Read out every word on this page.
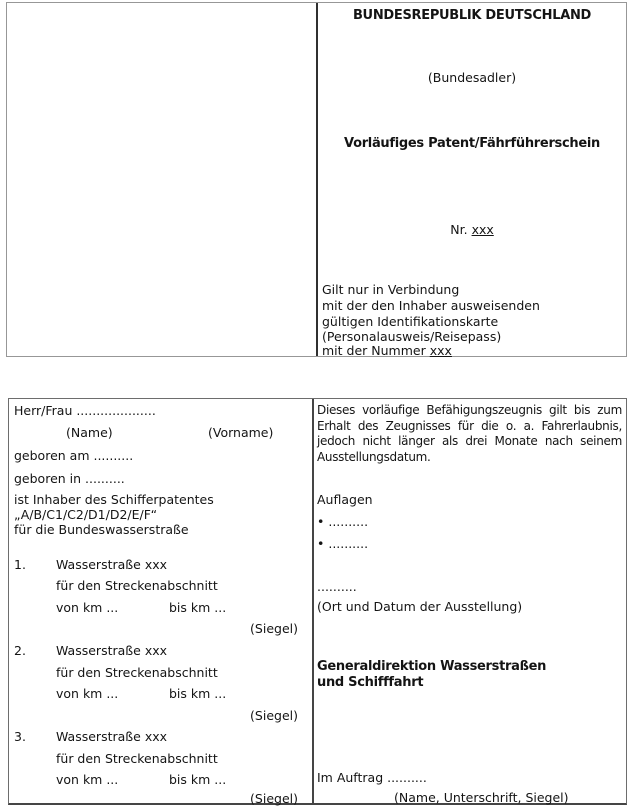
BUNDESREPUBLIK DEUTSCHLAND
(Bundesadler)
Vorläufiges Patent/Fährführerschein
Nr. xxx
Gilt nur in Verbindung
mit der den Inhaber ausweisenden
gültigen Identifikationskarte
(Personalausweis/Reisepass)
mit der Nummer xxx
Herr/Frau ....................
(Name)	(Vorname)
geboren am ..........
geboren in ..........
ist Inhaber des Schifferpatentes
„A/B/C1/C2/D1/D2/E/F“
für die Bundeswasserstraße
1. Wasserstraße xxx
für den Streckenabschnitt
von km ...	bis km ...
(Siegel)
2. Wasserstraße xxx
für den Streckenabschnitt
von km ...	bis km ...
(Siegel)
3. Wasserstraße xxx
für den Streckenabschnitt
von km ...	bis km ...
(Siegel)
Dieses vorläufige Befähigungszeugnis gilt bis zum Erhalt des Zeugnisses für die o. a. Fahrerlaubnis, jedoch nicht länger als drei Monate nach seinem Ausstellungsdatum.
Auflagen
• ..........
• ..........
..........
(Ort und Datum der Ausstellung)
Generaldirektion Wasserstraßen
und Schifffahrt
Im Auftrag ..........
(Name, Unterschrift, Siegel)
